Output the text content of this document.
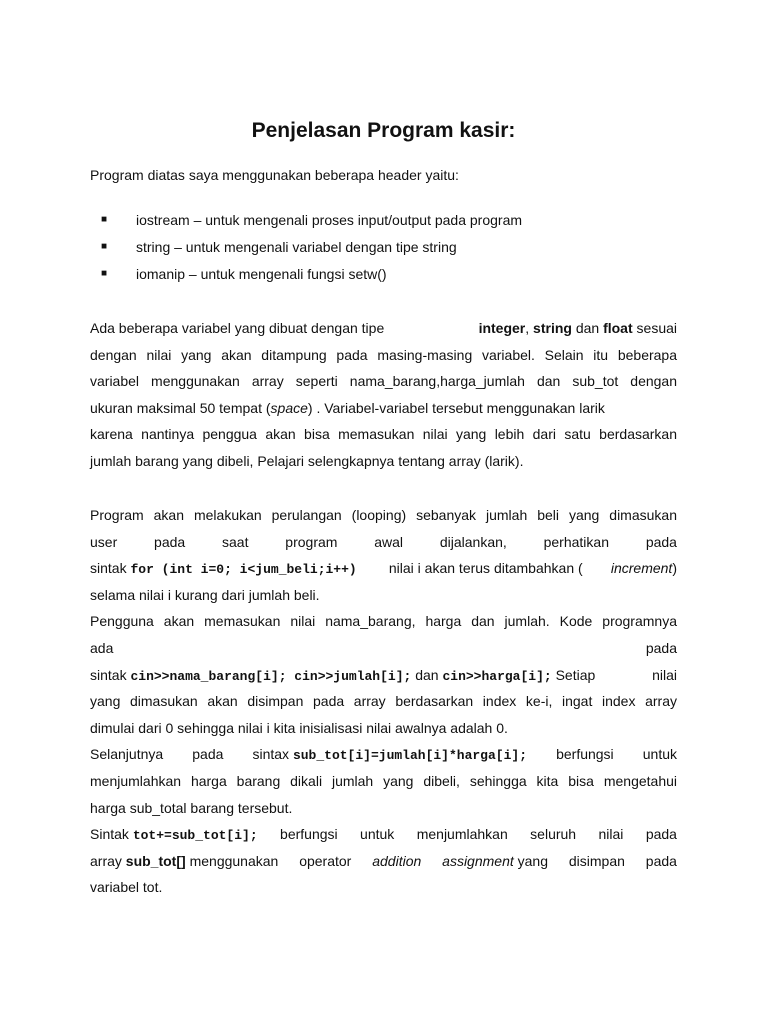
Penjelasan Program kasir:

Program diatas saya menggunakan beberapa header yaitu:

■ iostream – untuk mengenali proses input/output pada program
■ string – untuk mengenali variabel dengan tipe string
■ iomanip – untuk mengenali fungsi setw()
Ada beberapa variabel yang dibuat dengan tipe	integer, string dan float sesuai
dengan nilai yang akan ditampung pada masing-masing variabel. Selain itu beberapa
variabel menggunakan array seperti nama_barang,harga_jumlah dan sub_tot dengan
ukuran maksimal 50 tempat (space) . Variabel-variabel tersebut menggunakan larik
karena nantinya penggua akan bisa memasukan nilai yang lebih dari satu berdasarkan
jumlah barang yang dibeli, Pelajari selengkapnya tentang array (larik).
Program akan melakukan perulangan (looping) sebanyak jumlah beli yang dimasukan
user	pada	saat	program	awal	dijalankan,	perhatikan	pada
sintak for (int i=0; i<jum_beli;i++) nilai i akan terus ditambahkan ( increment)
selama nilai i kurang dari jumlah beli.
Pengguna akan memasukan nilai nama_barang, harga dan jumlah. Kode programnya
ada	pada
sintak cin>>nama_barang[i]; cin>>jumlah[i]; dan cin>>harga[i]; Setiap	nilai
yang dimasukan akan disimpan pada array berdasarkan index ke-i, ingat index array
dimulai dari 0 sehingga nilai i kita inisialisasi nilai awalnya adalah 0.
Selanjutnya pada sintax sub_tot[i]=jumlah[i]*harga[i]; berfungsi untuk
menjumlahkan harga barang dikali jumlah yang dibeli, sehingga kita bisa mengetahui
harga sub_total barang tersebut.
Sintak tot+=sub_tot[i]; berfungsi untuk menjumlahkan seluruh nilai pada
array sub_tot[] menggunakan operator addition assignment yang disimpan pada
variabel tot.
